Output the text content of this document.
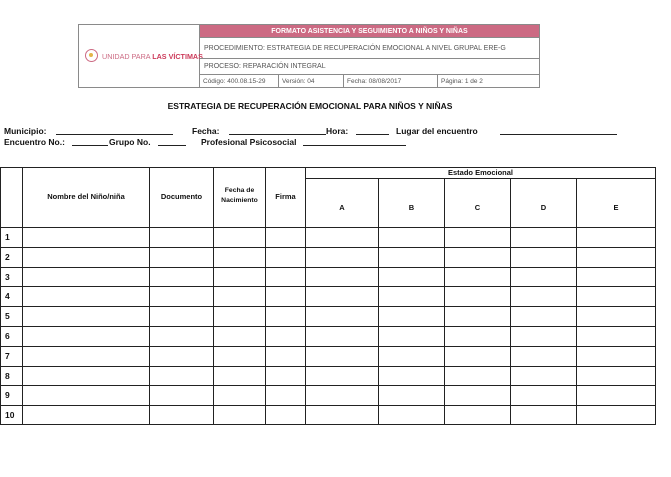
UNIDAD PARA LAS VÍCTIMAS
FORMATO ASISTENCIA Y SEGUIMIENTO A NIÑOS Y NIÑAS
PROCEDIMIENTO: ESTRATEGIA DE RECUPERACIÓN EMOCIONAL A NIVEL GRUPAL ERE-G
PROCESO: REPARACIÓN INTEGRAL
Código: 400.08.15-29	Versión: 04	Fecha: 08/08/2017	Página: 1 de 2
ESTRATEGIA DE RECUPERACIÓN EMOCIONAL PARA NIÑOS Y NIÑAS
Municipio:	Fecha:	Hora:	Lugar del encuentro
Encuentro No.:	Grupo No.	Profesional Psicosocial
Nombre del Niño/niña	Documento
Fecha de
Nacimiento	Firma
Estado Emocional
A	B	C	D	E
1
2
3
4
5
6
7
8
9
10
